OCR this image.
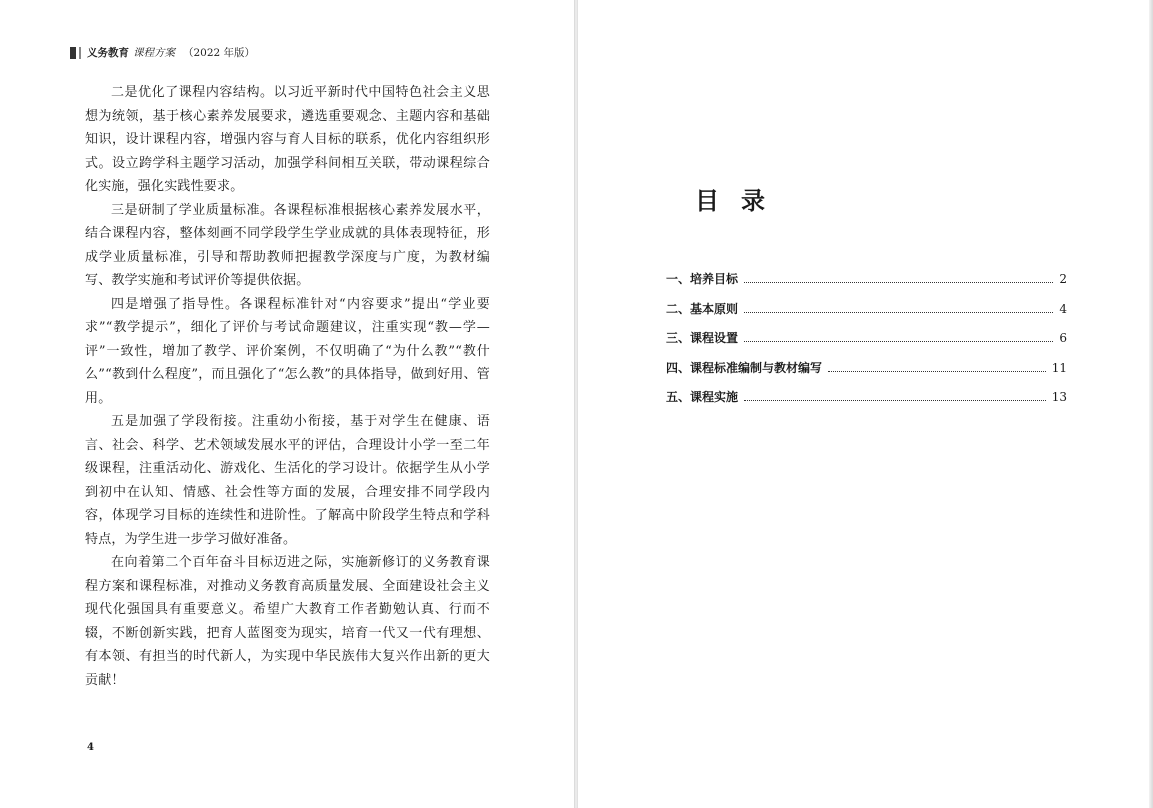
义务教育 课程方案 （2022 年版）

二是优化了课程内容结构。以习近平新时代中国特色社会主义思想为统领，基于核心素养发展要求，遴选重要观念、主题内容和基础知识，设计课程内容，增强内容与育人目标的联系，优化内容组织形式。设立跨学科主题学习活动，加强学科间相互关联，带动课程综合化实施，强化实践性要求。

三是研制了学业质量标准。各课程标准根据核心素养发展水平，结合课程内容，整体刻画不同学段学生学业成就的具体表现特征，形成学业质量标准，引导和帮助教师把握教学深度与广度，为教材编写、教学实施和考试评价等提供依据。

四是增强了指导性。各课程标准针对“内容要求”提出“学业要求”“教学提示”，细化了评价与考试命题建议，注重实现“教—学—评”一致性，增加了教学、评价案例，不仅明确了“为什么教”“教什么”“教到什么程度”，而且强化了“怎么教”的具体指导，做到好用、管用。

五是加强了学段衔接。注重幼小衔接，基于对学生在健康、语言、社会、科学、艺术领域发展水平的评估，合理设计小学一至二年级课程，注重活动化、游戏化、生活化的学习设计。依据学生从小学到初中在认知、情感、社会性等方面的发展，合理安排不同学段内容，体现学习目标的连续性和进阶性。了解高中阶段学生特点和学科特点，为学生进一步学习做好准备。

在向着第二个百年奋斗目标迈进之际，实施新修订的义务教育课程方案和课程标准，对推动义务教育高质量发展、全面建设社会主义现代化强国具有重要意义。希望广大教育工作者勤勉认真、行而不辍，不断创新实践，把育人蓝图变为现实，培育一代又一代有理想、有本领、有担当的时代新人，为实现中华民族伟大复兴作出新的更大贡献！

4
目录
一、培养目标	2
二、基本原则	4
三、课程设置	6
四、课程标准编制与教材编写	11
五、课程实施	13
